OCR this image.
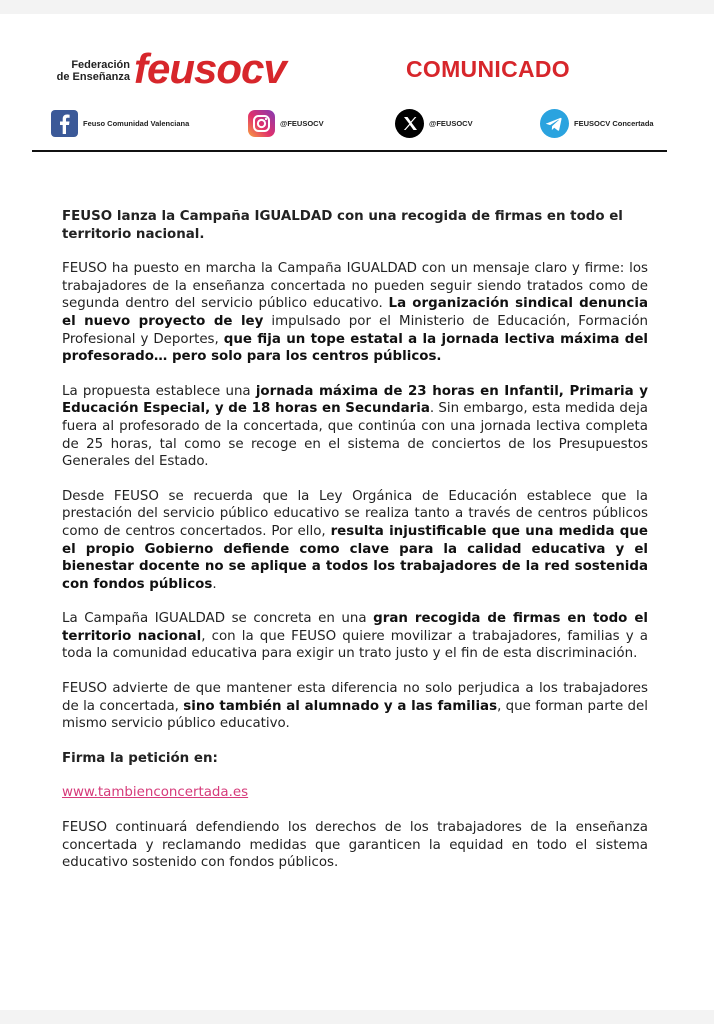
Federación
de Enseñanza feusocv	COMUNICADO
Feuso Comunidad Valenciana	@FEUSOCV	@FEUSOCV	FEUSOCV Concertada

FEUSO lanza la Campaña IGUALDAD con una recogida de firmas en todo el territorio nacional.

FEUSO ha puesto en marcha la Campaña IGUALDAD con un mensaje claro y firme: los trabajadores de la enseñanza concertada no pueden seguir siendo tratados como de segunda dentro del servicio público educativo. La organización sindical denuncia el nuevo proyecto de ley impulsado por el Ministerio de Educación, Formación Profesional y Deportes, que fija un tope estatal a la jornada lectiva máxima del profesorado… pero solo para los centros públicos.

La propuesta establece una jornada máxima de 23 horas en Infantil, Primaria y Educación Especial, y de 18 horas en Secundaria. Sin embargo, esta medida deja fuera al profesorado de la concertada, que continúa con una jornada lectiva completa de 25 horas, tal como se recoge en el sistema de conciertos de los Presupuestos Generales del Estado.

Desde FEUSO se recuerda que la Ley Orgánica de Educación establece que la prestación del servicio público educativo se realiza tanto a través de centros públicos como de centros concertados. Por ello, resulta injustificable que una medida que el propio Gobierno defiende como clave para la calidad educativa y el bienestar docente no se aplique a todos los trabajadores de la red sostenida con fondos públicos.

La Campaña IGUALDAD se concreta en una gran recogida de firmas en todo el territorio nacional, con la que FEUSO quiere movilizar a trabajadores, familias y a toda la comunidad educativa para exigir un trato justo y el fin de esta discriminación.

FEUSO advierte de que mantener esta diferencia no solo perjudica a los trabajadores de la concertada, sino también al alumnado y a las familias, que forman parte del mismo servicio público educativo.

Firma la petición en:

www.tambienconcertada.es

FEUSO continuará defendiendo los derechos de los trabajadores de la enseñanza concertada y reclamando medidas que garanticen la equidad en todo el sistema educativo sostenido con fondos públicos.
